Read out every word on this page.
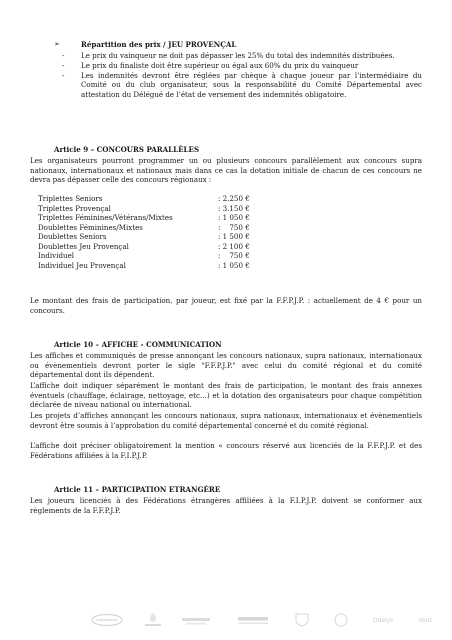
➢	Répartition des prix / JEU PROVENÇAL
- Le prix du vainqueur ne doit pas dépasser les 25% du total des indemnités distribuées.
- Le prix du finaliste doit être supérieur ou égal aux 60% du prix du vainqueur
- Les indemnités devront être réglées par chèque à chaque joueur par l’intermédiaire du Comité ou du club organisateur, sous la responsabilité du Comité Départemental avec attestation du Délégué de l’état de versement des indemnités obligatoire.
Article 9 – CONCOURS PARALLÈLES
Les organisateurs pourront programmer un ou plusieurs concours parallèlement aux concours supra nationaux, internationaux et nationaux mais dans ce cas la dotation initiale de chacun de ces concours ne devra pas dépasser celle des concours régionaux :
Triplettes Seniors	: 2.250 €
Triplettes Provençal	: 3.150 €
Triplettes Féminines/Vétérans/Mixtes	: 1 050 €
Doublettes Féminines/Mixtes	:    750 €
Doublettes Seniors	: 1 500 €
Doublettes Jeu Provençal	: 2 100 €
Individuel	:    750 €
Individuel Jeu Provençal	: 1 050 €
Le montant des frais de participation, par joueur, est fixé par la F.F.P.J.P. : actuellement de 4 € pour un concours.
Article 10 – AFFICHE - COMMUNICATION
Les affiches et communiqués de presse annonçant les concours nationaux, supra nationaux, internationaux ou évènementiels devront porter le sigle "F.F.P.J.P." avec celui du comité régional et du comité départemental dont ils dépendent.
L’affiche doit indiquer séparément le montant des frais de participation, le montant des frais annexes éventuels (chauffage, éclairage, nettoyage, etc…) et la dotation des organisateurs pour chaque compétition déclarée de niveau national ou international.
Les projets d’affiches annonçant les concours nationaux, supra nationaux, internationaux et évènementiels devront être soumis à l’approbation du comité départemental concerné et du comité régional.
L’affiche doit préciser obligatoirement la mention « concours réservé aux licenciés de la F.F.P.J.P. et des Fédérations affiliées à la F.I.P.J.P.
Article 11 – PARTICIPATION ETRANGÈRE
Les joueurs licenciés à des Fédérations étrangères affiliées à la F.I.P.J.P. doivent se conformer aux règlements de la F.F.P.J.P.
Odalys	obut
